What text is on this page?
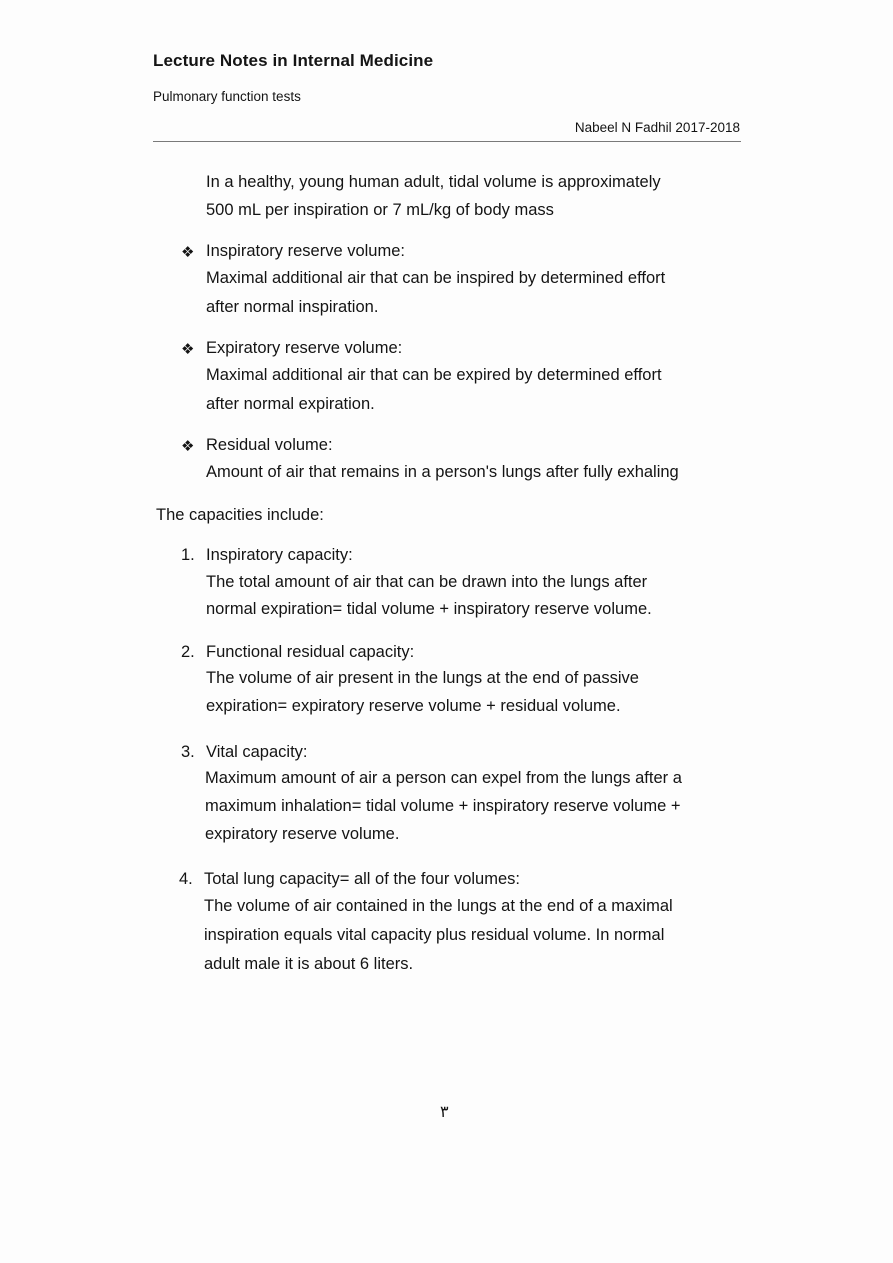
Lecture Notes in Internal Medicine
Pulmonary function tests
Nabeel N Fadhil 2017-2018
In a healthy, young human adult, tidal volume is approximately
500 mL per inspiration or 7 mL/kg of body mass
❖ Inspiratory reserve volume:
Maximal additional air that can be inspired by determined effort
after normal inspiration.
❖ Expiratory reserve volume:
Maximal additional air that can be expired by determined effort
after normal expiration.
❖ Residual volume:
Amount of air that remains in a person's lungs after fully exhaling
The capacities include:
1. Inspiratory capacity:
The total amount of air that can be drawn into the lungs after
normal expiration= tidal volume + inspiratory reserve volume.
2. Functional residual capacity:
The volume of air present in the lungs at the end of passive
expiration= expiratory reserve volume + residual volume.
3. Vital capacity:
Maximum amount of air a person can expel from the lungs after a
maximum inhalation= tidal volume + inspiratory reserve volume +
expiratory reserve volume.
4. Total lung capacity= all of the four volumes:
The volume of air contained in the lungs at the end of a maximal
inspiration equals vital capacity plus residual volume. In normal
adult male it is about 6 liters.
٣
